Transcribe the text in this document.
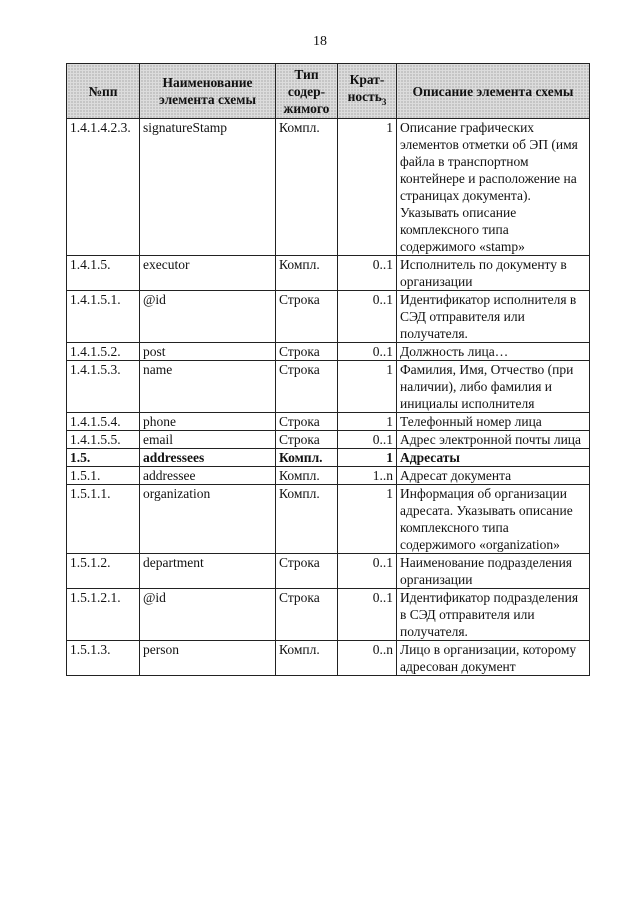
18
№пп	Наименование элемента схемы	Тип содер-жимого	Крат-ность$_3$	Описание элемента схемы
1.4.1.4.2.3.	signatureStamp	Компл.	1	Описание графических элементов отметки об ЭП (имя файла в транспортном контейнере и расположение на страницах документа). Указывать описание комплексного типа содержимого «stamp»
1.4.1.5.	executor	Компл.	0..1	Исполнитель по документу в организации
1.4.1.5.1.	@id	Строка	0..1	Идентификатор исполнителя в СЭД отправителя или получателя.
1.4.1.5.2.	post	Строка	0..1	Должность лица…
1.4.1.5.3.	name	Строка	1	Фамилия, Имя, Отчество (при наличии), либо фамилия и инициалы исполнителя
1.4.1.5.4.	phone	Строка	1	Телефонный номер лица
1.4.1.5.5.	email	Строка	0..1	Адрес электронной почты лица
1.5.	addressees	Компл.	1	Адресаты
1.5.1.	addressee	Компл.	1..n	Адресат документа
1.5.1.1.	organization	Компл.	1	Информация об организации адресата. Указывать описание комплексного типа содержимого «organization»
1.5.1.2.	department	Строка	0..1	Наименование подразделения организации
1.5.1.2.1.	@id	Строка	0..1	Идентификатор подразделения в СЭД отправителя или получателя.
1.5.1.3.	person	Компл.	0..n	Лицо в организации, которому адресован документ
